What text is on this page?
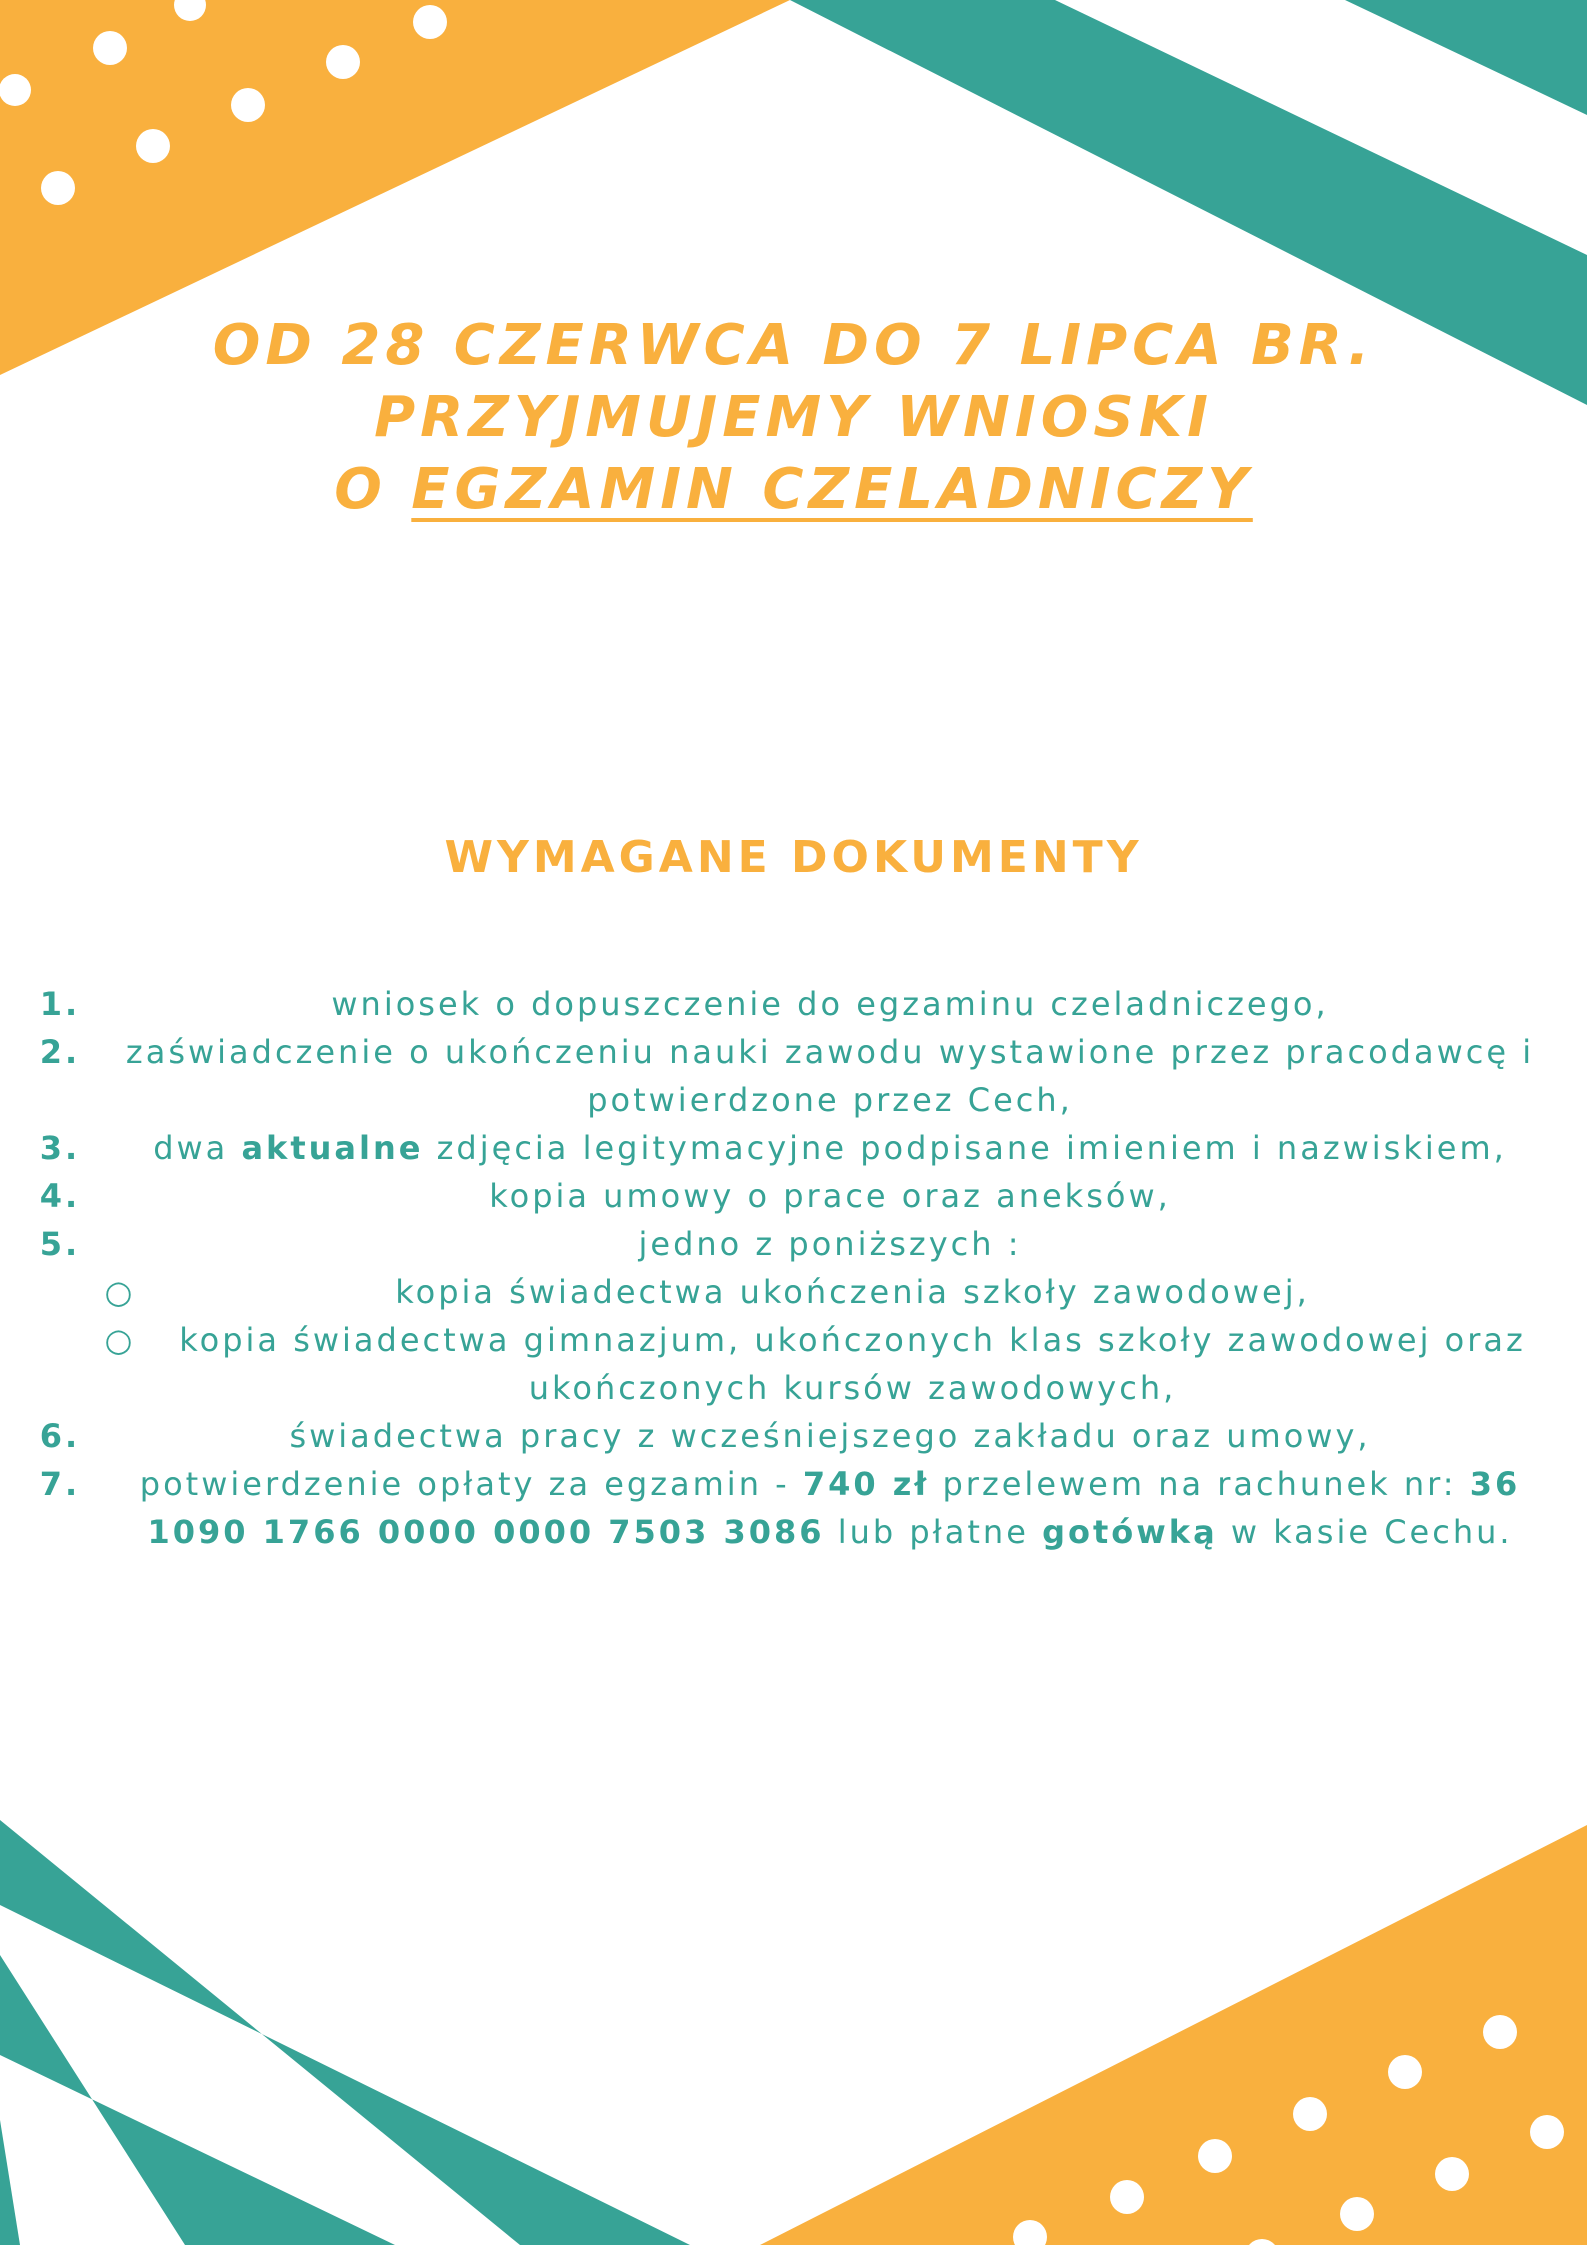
OD 28 CZERWCA DO 7 LIPCA BR.
PRZYJMUJEMY WNIOSKI
O EGZAMIN CZELADNICZY
WYMAGANE DOKUMENTY
1.	wniosek o dopuszczenie do egzaminu czeladniczego,
2.	zaświadczenie o ukończeniu nauki zawodu wystawione przez pracodawcę i potwierdzone przez Cech,
3.	dwa aktualne zdjęcia legitymacyjne podpisane imieniem i nazwiskiem,
4.	kopia umowy o prace oraz aneksów,
5.	jedno z poniższych :
○	kopia świadectwa ukończenia szkoły zawodowej,
○	kopia świadectwa gimnazjum, ukończonych klas szkoły zawodowej oraz ukończonych kursów zawodowych,
6.	świadectwa pracy z wcześniejszego zakładu oraz umowy,
7.	potwierdzenie opłaty za egzamin - 740 zł przelewem na rachunek nr: 36 1090 1766 0000 0000 7503 3086 lub płatne gotówką w kasie Cechu.
